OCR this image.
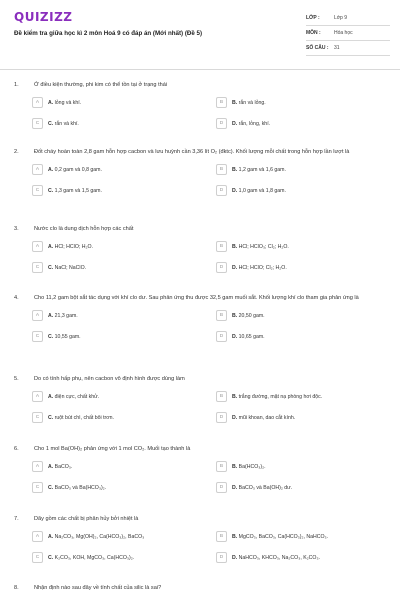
QUIZIZZ
Đề kiểm tra giữa học kì 2 môn Hoá 9 có đáp án (Mới nhất) (Đề 5)
LỚP :	Lớp 9
MÔN :	Hóa học
SỐ CÂU :	31
1.	Ở điều kiện thường, phi kim có thể tồn tại ở trạng thái
A	A. lỏng và khí.	B	B. rắn và lỏng.
C	C. rắn và khí.	D	D. rắn, lỏng, khí.
2.	Đốt cháy hoàn toàn 2,8 gam hỗn hợp cacbon và lưu huỳnh cần 3,36 lít O₂ (đktc). Khối lượng mỗi chất trong hỗn hợp lần lượt là
A	A. 0,2 gam và 0,8 gam.	B	B. 1,2 gam và 1,6 gam.
C	C. 1,3 gam và 1,5 gam.	D	D. 1,0 gam và 1,8 gam.
3.	Nước clo là dung dịch hỗn hợp các chất
A	A. HCl; HClO; H₂O.	B	B. HCl; HClO₃; Cl₂; H₂O.
C	C. NaCl; NaClO.	D	D. HCl; HClO; Cl₂; H₂O.
4.	Cho 11,2 gam bột sắt tác dụng với khí clo dư. Sau phản ứng thu được 32,5 gam muối sắt. Khối lượng khí clo tham gia phản ứng là
A	A. 21,3 gam.	B	B. 20,50 gam.
C	C. 10,55 gam.	D	D. 10,65 gam.
5.	Do có tính hấp phụ, nên cacbon vô định hình được dùng làm
A	A. điện cực, chất khử.	B	B. trắng đường, mặt nạ phòng hơi độc.
C	C. ruột bút chì, chất bôi trơn.	D	D. mũi khoan, dao cắt kính.
6.	Cho 1 mol Ba(OH)₂ phản ứng với 1 mol CO₂. Muối tạo thành là
A	A. BaCO₃.	B	B. Ba(HCO₃)₂.
C	C. BaCO₃ và Ba(HCO₃)₂.	D	D. BaCO₃ và Ba(OH)₂ dư.
7.	Dãy gồm các chất bị phân hủy bởi nhiệt là
A	A. Na₂CO₃, Mg(OH)₂, Ca(HCO₃)₂, BaCO₃	B	B. MgCO₃, BaCO₃, Ca(HCO₃)₂, NaHCO₃.
C	C. K₂CO₃, KOH, MgCO₃, Ca(HCO₃)₂.	D	D. NaHCO₃, KHCO₃, Na₂CO₃, K₂CO₃.
8.	Nhận định nào sau đây về tính chất của silic là sai?
